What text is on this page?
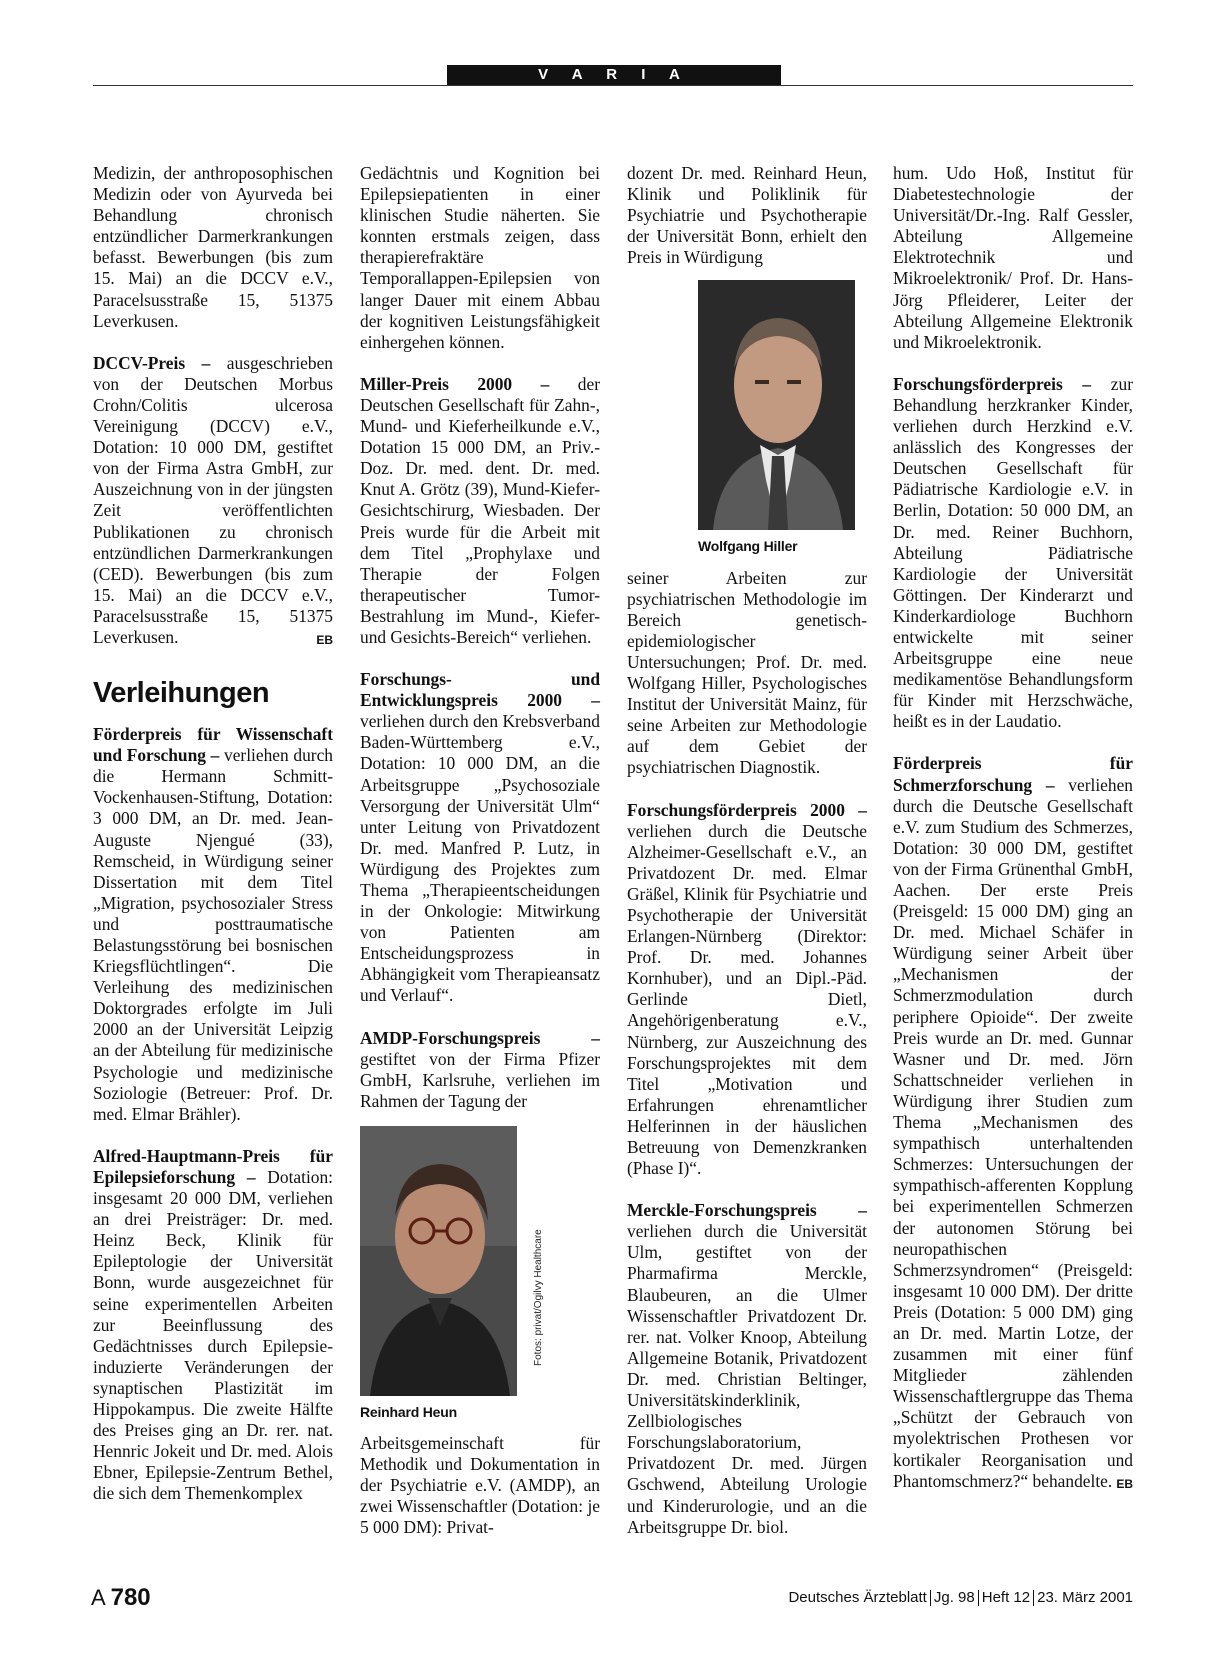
V A R I A

Medizin, der anthroposophischen Medizin oder von Ayurveda bei Behandlung chronisch entzündlicher Darmerkrankungen befasst. Bewerbungen (bis zum 15. Mai) an die DCCV e.V., Paracelsusstraße 15, 51375 Leverkusen.

DCCV-Preis – ausgeschrieben von der Deutschen Morbus Crohn/Colitis ulcerosa Vereinigung (DCCV) e.V., Dotation: 10 000 DM, gestiftet von der Firma Astra GmbH, zur Auszeichnung von in der jüngsten Zeit veröffentlichten Publikationen zu chronisch entzündlichen Darmerkrankungen (CED). Bewerbungen (bis zum 15. Mai) an die DCCV e.V., Paracelsusstraße 15, 51375 Leverkusen.	EB

Verleihungen

Förderpreis für Wissenschaft und Forschung – verliehen durch die Hermann Schmitt-Vockenhausen-Stiftung, Dotation: 3 000 DM, an Dr. med. Jean-Auguste Njengué (33), Remscheid, in Würdigung seiner Dissertation mit dem Titel „Migration, psychosozialer Stress und posttraumatische Belastungsstörung bei bosnischen Kriegsflüchtlingen“. Die Verleihung des medizinischen Doktorgrades erfolgte im Juli 2000 an der Universität Leipzig an der Abteilung für medizinische Psychologie und medizinische Soziologie (Betreuer: Prof. Dr. med. Elmar Brähler).

Alfred-Hauptmann-Preis für Epilepsieforschung – Dotation: insgesamt 20 000 DM, verliehen an drei Preisträger: Dr. med. Heinz Beck, Klinik für Epileptologie der Universität Bonn, wurde ausgezeichnet für seine experimentellen Arbeiten zur Beeinflussung des Gedächtnisses durch Epilepsie-induzierte Veränderungen der synaptischen Plastizität im Hippokampus. Die zweite Hälfte des Preises ging an Dr. rer. nat. Hennric Jokeit und Dr. med. Alois Ebner, Epilepsie-Zentrum Bethel, die sich dem Themenkomplex

Gedächtnis und Kognition bei Epilepsiepatienten in einer klinischen Studie näherten. Sie konnten erstmals zeigen, dass therapierefraktäre Temporallappen-Epilepsien von langer Dauer mit einem Abbau der kognitiven Leistungsfähigkeit einhergehen können.

Miller-Preis 2000 – der Deutschen Gesellschaft für Zahn-, Mund- und Kieferheilkunde e.V., Dotation 15 000 DM, an Priv.-Doz. Dr. med. dent. Dr. med. Knut A. Grötz (39), Mund-Kiefer-Gesichtschirurg, Wiesbaden. Der Preis wurde für die Arbeit mit dem Titel „Prophylaxe und Therapie der Folgen therapeutischer Tumor-Bestrahlung im Mund-, Kiefer- und Gesichts-Bereich“ verliehen.

Forschungs- und Entwicklungspreis 2000 – verliehen durch den Krebsverband Baden-Württemberg e.V., Dotation: 10 000 DM, an die Arbeitsgruppe „Psychosoziale Versorgung der Universität Ulm“ unter Leitung von Privatdozent Dr. med. Manfred P. Lutz, in Würdigung des Projektes zum Thema „Therapieentscheidungen in der Onkologie: Mitwirkung von Patienten am Entscheidungsprozess in Abhängigkeit vom Therapieansatz und Verlauf“.

AMDP-Forschungspreis – gestiftet von der Firma Pfizer GmbH, Karlsruhe, verliehen im Rahmen der Tagung der

Fotos: privat/Ogilvy Healthcare
Reinhard Heun

Arbeitsgemeinschaft für Methodik und Dokumentation in der Psychiatrie e.V. (AMDP), an zwei Wissenschaftler (Dotation: je 5 000 DM): Privat-

dozent Dr. med. Reinhard Heun, Klinik und Poliklinik für Psychiatrie und Psychotherapie der Universität Bonn, erhielt den Preis in Würdigung

Wolfgang Hiller

seiner Arbeiten zur psychiatrischen Methodologie im Bereich genetisch-epidemiologischer Untersuchungen; Prof. Dr. med. Wolfgang Hiller, Psychologisches Institut der Universität Mainz, für seine Arbeiten zur Methodologie auf dem Gebiet der psychiatrischen Diagnostik.

Forschungsförderpreis 2000 – verliehen durch die Deutsche Alzheimer-Gesellschaft e.V., an Privatdozent Dr. med. Elmar Gräßel, Klinik für Psychiatrie und Psychotherapie der Universität Erlangen-Nürnberg (Direktor: Prof. Dr. med. Johannes Kornhuber), und an Dipl.-Päd. Gerlinde Dietl, Angehörigenberatung e.V., Nürnberg, zur Auszeichnung des Forschungsprojektes mit dem Titel „Motivation und Erfahrungen ehrenamtlicher Helferinnen in der häuslichen Betreuung von Demenzkranken (Phase I)“.

Merckle-Forschungspreis – verliehen durch die Universität Ulm, gestiftet von der Pharmafirma Merckle, Blaubeuren, an die Ulmer Wissenschaftler Privatdozent Dr. rer. nat. Volker Knoop, Abteilung Allgemeine Botanik, Privatdozent Dr. med. Christian Beltinger, Universitätskinderklinik, Zellbiologisches Forschungslaboratorium, Privatdozent Dr. med. Jürgen Gschwend, Abteilung Urologie und Kinderurologie, und an die Arbeitsgruppe Dr. biol.

hum. Udo Hoß, Institut für Diabetestechnologie der Universität/Dr.-Ing. Ralf Gessler, Abteilung Allgemeine Elektrotechnik und Mikroelektronik/ Prof. Dr. Hans-Jörg Pfleiderer, Leiter der Abteilung Allgemeine Elektronik und Mikroelektronik.

Forschungsförderpreis – zur Behandlung herzkranker Kinder, verliehen durch Herzkind e.V. anlässlich des Kongresses der Deutschen Gesellschaft für Pädiatrische Kardiologie e.V. in Berlin, Dotation: 50 000 DM, an Dr. med. Reiner Buchhorn, Abteilung Pädiatrische Kardiologie der Universität Göttingen. Der Kinderarzt und Kinderkardiologe Buchhorn entwickelte mit seiner Arbeitsgruppe eine neue medikamentöse Behandlungsform für Kinder mit Herzschwäche, heißt es in der Laudatio.

Förderpreis für Schmerzforschung – verliehen durch die Deutsche Gesellschaft e.V. zum Studium des Schmerzes, Dotation: 30 000 DM, gestiftet von der Firma Grünenthal GmbH, Aachen. Der erste Preis (Preisgeld: 15 000 DM) ging an Dr. med. Michael Schäfer in Würdigung seiner Arbeit über „Mechanismen der Schmerzmodulation durch periphere Opioide“. Der zweite Preis wurde an Dr. med. Gunnar Wasner und Dr. med. Jörn Schattschneider verliehen in Würdigung ihrer Studien zum Thema „Mechanismen des sympathisch unterhaltenden Schmerzes: Untersuchungen der sympathisch-afferenten Kopplung bei experimentellen Schmerzen der autonomen Störung bei neuropathischen Schmerzsyndromen“ (Preisgeld: insgesamt 10 000 DM). Der dritte Preis (Dotation: 5 000 DM) ging an Dr. med. Martin Lotze, der zusammen mit einer fünf Mitglieder zählenden Wissenschaftlergruppe das Thema „Schützt der Gebrauch von myolektrischen Prothesen vor kortikaler Reorganisation und Phantomschmerz?“ behandelte. EB

A 780	Deutsches Ärzteblatt Jg. 98 Heft 12 23. März 2001
